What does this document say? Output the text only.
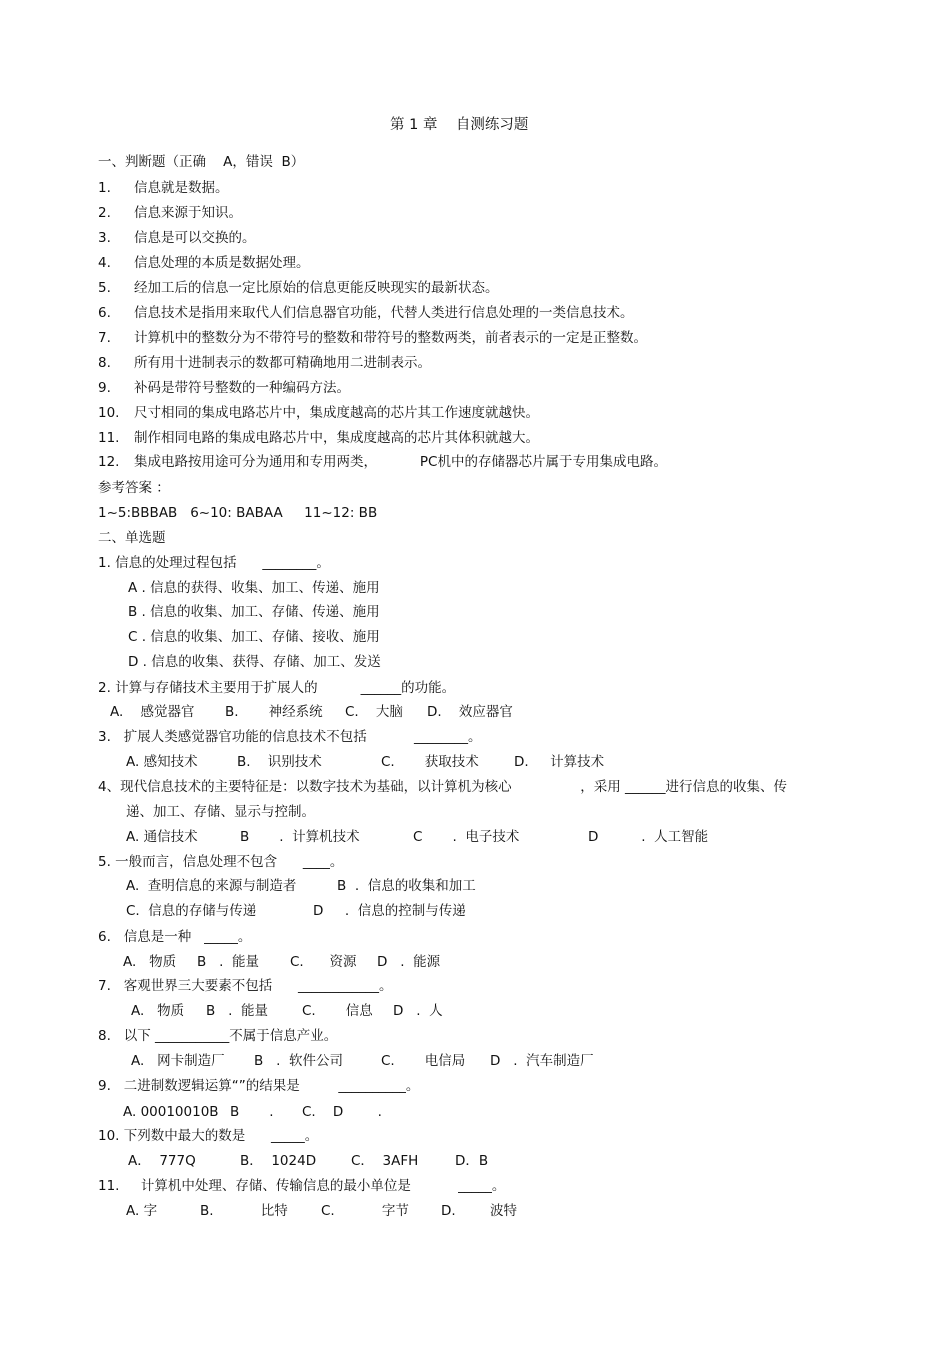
第 1 章    自测练习题
一、判断题（正确    A，错误  B）
1. 信息就是数据。
2. 信息来源于知识。
3. 信息是可以交换的。
4. 信息处理的本质是数据处理。
5. 经加工后的信息一定比原始的信息更能反映现实的最新状态。
6. 信息技术是指用来取代人们信息器官功能，代替人类进行信息处理的一类信息技术。
7. 计算机中的整数分为不带符号的整数和带符号的整数两类，前者表示的一定是正整数。
8. 所有用十进制表示的数都可精确地用二进制表示。
9. 补码是带符号整数的一种编码方法。
10. 尺寸相同的集成电路芯片中，集成度越高的芯片其工作速度就越快。
11. 制作相同电路的集成电路芯片中，集成度越高的芯片其体积就越大。
12. 集成电路按用途可分为通用和专用两类，          PC机中的存储器芯片属于专用集成电路。
参考答案 ：
1~5:BBBAB   6~10: BABAA     11~12: BB
二、单选题
1. 信息的处理过程包括      ________。
A . 信息的获得、收集、加工、传递、施用
B . 信息的收集、加工、存储、传递、施用
C . 信息的收集、加工、存储、接收、施用
D . 信息的收集、获得、存储、加工、发送
2. 计算与存储技术主要用于扩展人的          ______的功能。
A.    感觉器官 B.       神经系统 C.    大脑 D.    效应器官
3.   扩展人类感觉器官功能的信息技术不包括           ________。
A. 感知技术	B.    识别技术	C.       获取技术	D.     计算技术
4、现代信息技术的主要特征是：以数字技术为基础，以计算机为核心                ，采用 ______进行信息的收集、传
递、加工、存储、显示与控制。
A. 通信技术	B       .  计算机技术	C       .  电子技术	D          .  人工智能
5. 一般而言，信息处理不包含      ____。
A.  查明信息的来源与制造者	B  .  信息的收集和加工
C.  信息的存储与传递	D     .  信息的控制与传递
6.   信息是一种   _____。
A.   物质 B   .  能量 C.      资源 D   .  能源
7.   客观世界三大要素不包括      ____________。
A.   物质 B   .  能量	C.       信息 D   .  人
8.   以下 ___________不属于信息产业。
A.   网卡制造厂 B   .  软件公司	C.       电信局 D   .  汽车制造厂
9.   二进制数逻辑运算“”的结果是         __________。
A. 00010010B B       . C.    D        .
10. 下列数中最大的数是      _____。
A．  777Q	B．  1024D	C．  3AFH	D．B
11.     计算机中处理、存储、传输信息的最小单位是           _____。
A. 字	B.           比特 C.           字节 D.        波特
